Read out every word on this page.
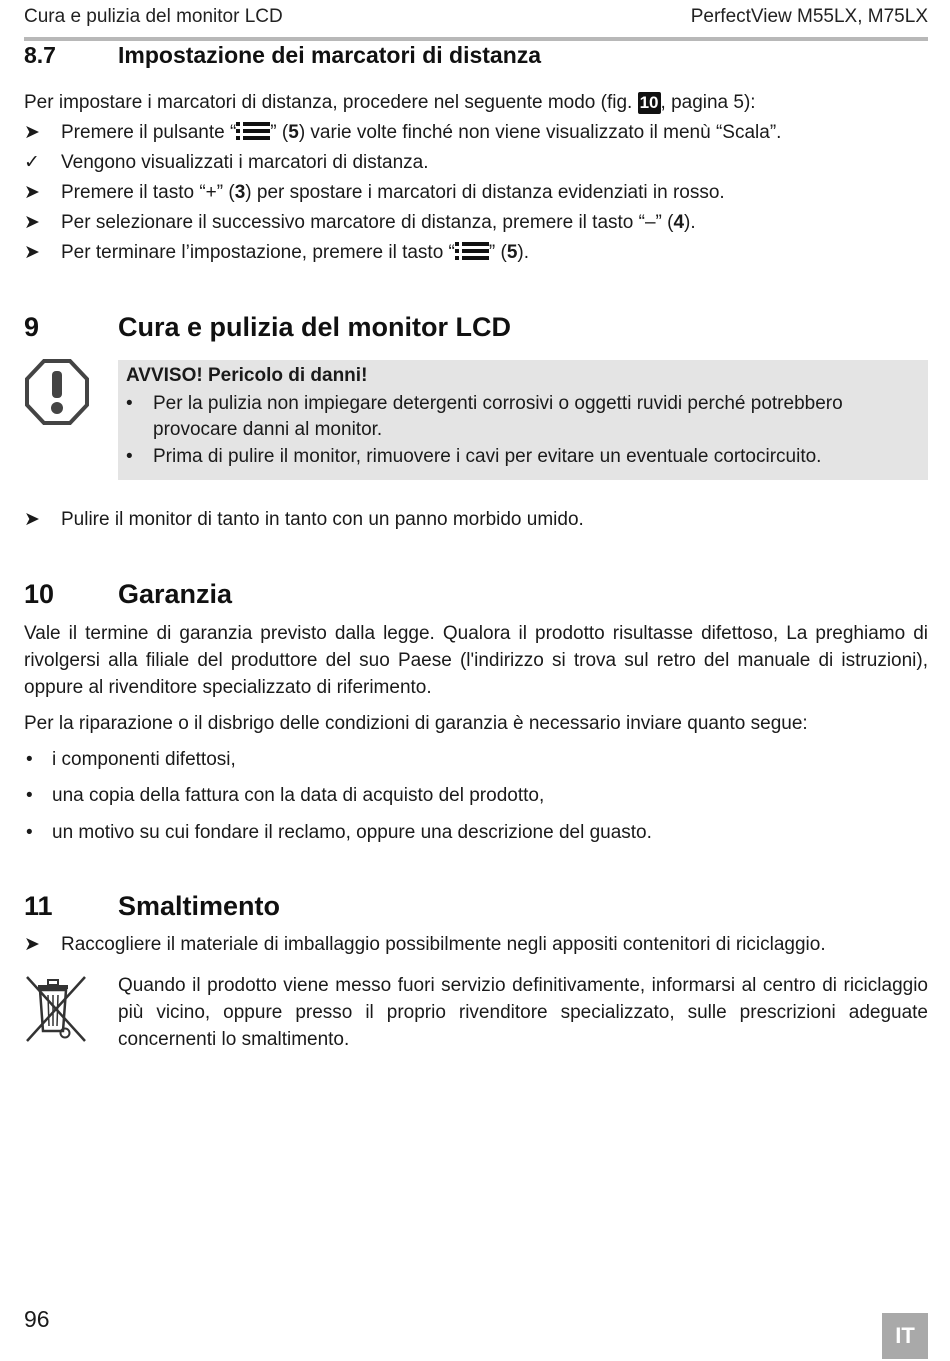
Cura e pulizia del monitor LCD	PerfectView M55LX, M75LX
8.7	Impostazione dei marcatori di distanza
Per impostare i marcatori di distanza, procedere nel seguente modo (fig. 10 , pagina 5):
➤	Premere il pulsante “ ” (5) varie volte finché non viene visualizzato il menù “Scala”.
✓	Vengono visualizzati i marcatori di distanza.
➤	Premere il tasto “+” (3) per spostare i marcatori di distanza evidenziati in rosso.
➤	Per selezionare il successivo marcatore di distanza, premere il tasto “–” (4).
➤	Per terminare l’impostazione, premere il tasto “ ” (5).
9	Cura e pulizia del monitor LCD
AVVISO! Pericolo di danni!
• Per la pulizia non impiegare detergenti corrosivi o oggetti ruvidi perché potrebbero provocare danni al monitor.
• Prima di pulire il monitor, rimuovere i cavi per evitare un eventuale cortocircuito.
➤	Pulire il monitor di tanto in tanto con un panno morbido umido.
10 Garanzia
Vale il termine di garanzia previsto dalla legge. Qualora il prodotto risultasse difettoso, La preghiamo di rivolgersi alla filiale del produttore del suo Paese (l'indirizzo si trova sul retro del manuale di istruzioni), oppure al rivenditore specializzato di riferimento.
Per la riparazione o il disbrigo delle condizioni di garanzia è necessario inviare quanto segue:
• i componenti difettosi,
• una copia della fattura con la data di acquisto del prodotto,
• un motivo su cui fondare il reclamo, oppure una descrizione del guasto.
11 Smaltimento
➤	Raccogliere il materiale di imballaggio possibilmente negli appositi contenitori di riciclaggio.
Quando il prodotto viene messo fuori servizio definitivamente, informarsi al centro di riciclaggio più vicino, oppure presso il proprio rivenditore specializzato, sulle prescrizioni adeguate concernenti lo smaltimento.
96
IT
